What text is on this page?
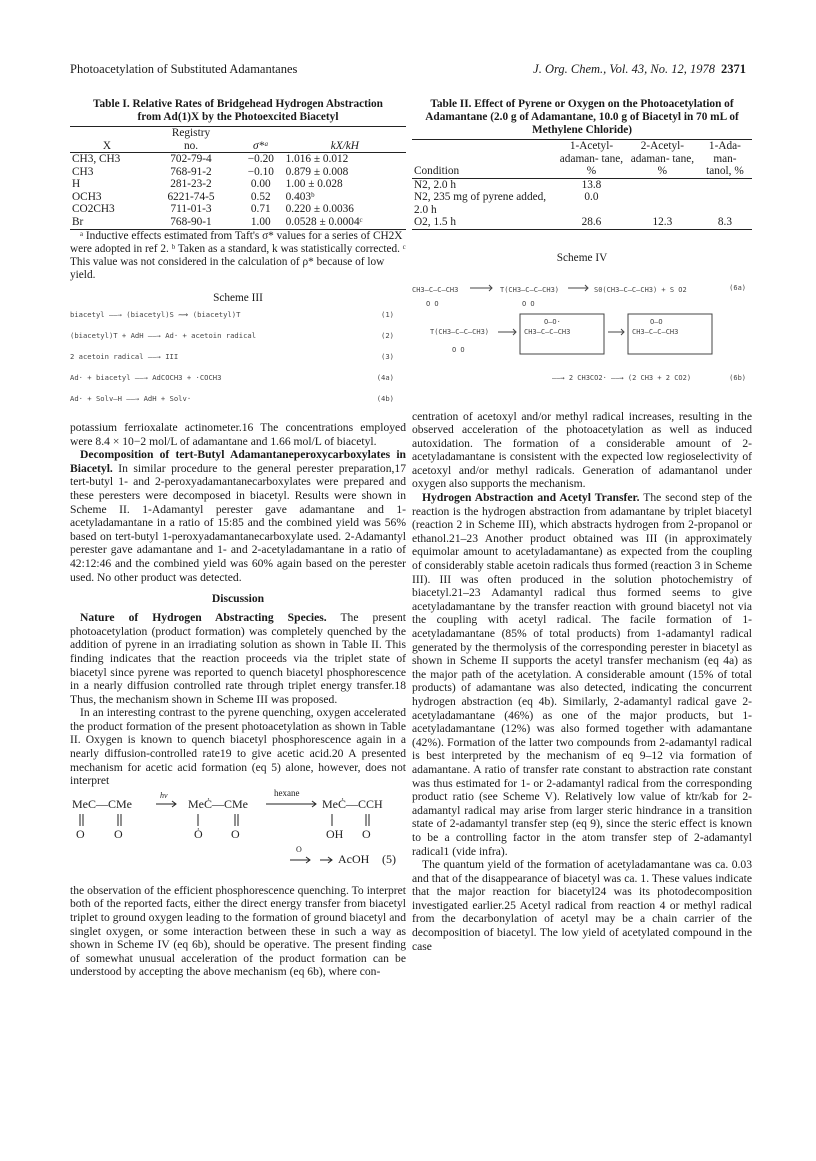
Photoacetylation of Substituted Adamantanes	J. Org. Chem., Vol. 43, No. 12, 1978 2371
Table I. Relative Rates of Bridgehead Hydrogen Abstraction from Ad(1)X by the Photoexcited Biacetyl
	Registry		
X	no.	σ*ᵃ	kX/kH
CH3, CH3	702-79-4	−0.20	1.016 ± 0.012
CH3	768-91-2	−0.10	0.879 ± 0.008
H	281-23-2	0.00	1.00 ± 0.028
OCH3	6221-74-5	0.52	0.403ᵇ
CO2CH3	711-01-3	0.71	0.220 ± 0.0036
Br	768-90-1	1.00	0.0528 ± 0.0004ᶜ
ᵃ Inductive effects estimated from Taft's σ* values for a series of CH2X were adopted in ref 2. ᵇ Taken as a standard, k was statistically corrected. ᶜ This value was not considered in the calculation of ρ* because of low yield.
Scheme III
biacetyl ——→ (biacetyl)S ⟿ (biacetyl)T	(1)
(biacetyl)T + AdH ——→ Ad· + acetoin radical	(2)
2 acetoin radical ——→ III	(3)
Ad· + biacetyl ——→ AdCOCH3 + ·COCH3	(4a)
Ad· + Solv–H ——→ AdH + Solv·	(4b)

potassium ferrioxalate actinometer.16 The concentrations employed were 8.4 × 10−2 mol/L of adamantane and 1.66 mol/L of biacetyl.

Decomposition of tert-Butyl Adamantaneperoxycarboxylates in Biacetyl. In similar procedure to the general perester preparation,17 tert-butyl 1- and 2-peroxyadamantanecarboxylates were prepared and these peresters were decomposed in biacetyl. Results were shown in Scheme II. 1-Adamantyl perester gave adamantane and 1-acetyladamantane in a ratio of 15:85 and the combined yield was 56% based on tert-butyl 1-peroxyadamantanecarboxylate used. 2-Adamantyl perester gave adamantane and 1- and 2-acetyladamantane in a ratio of 42:12:46 and the combined yield was 60% again based on the perester used. No other product was detected.

Discussion

Nature of Hydrogen Abstracting Species. The present photoacetylation (product formation) was completely quenched by the addition of pyrene in an irradiating solution as shown in Table II. This finding indicates that the reaction proceeds via the triplet state of biacetyl since pyrene was reported to quench biacetyl phosphorescence in a nearly diffusion controlled rate through triplet energy transfer.18 Thus, the mechanism shown in Scheme III was proposed.

In an interesting contrast to the pyrene quenching, oxygen accelerated the product formation of the present photoacetylation as shown in Table II. Oxygen is known to quench biacetyl phosphorescence again in a nearly diffusion-controlled rate19 to give acetic acid.20 A presented mechanism for acetic acid formation (eq 5) alone, however, does not interpret

MeC—CMe
O O
hν
MeĊ—CMe
Ȯ O
MeĊ—CCH
OH O
O
hexane
AcOH (5)

the observation of the efficient phosphorescence quenching. To interpret both of the reported facts, either the direct energy transfer from biacetyl triplet to ground oxygen leading to the formation of ground biacetyl and singlet oxygen, or some interaction between these in such a way as shown in Scheme IV (eq 6b), should be operative. The present finding of somewhat unusual acceleration of the product formation can be understood by accepting the above mechanism (eq 6b), where con-

Table II. Effect of Pyrene or Oxygen on the Photoacetylation of Adamantane (2.0 g of Adamantane, 10.0 g of Biacetyl in 70 mL of Methylene Chloride)
Condition	1-Acetyl- adaman- tane, %	2-Acetyl- adaman- tane, %	1-Ada- man- tanol, %
N2, 2.0 h	13.8		
N2, 235 mg of pyrene added, 2.0 h	0.0		
O2, 1.5 h	28.6	12.3	8.3
Scheme IV
CH3–C–C–CH3
O O
T(CH3–C–C–CH3)
O O
S0(CH3–C–C–CH3) + S O2
T(CH3–C–C–CH3)
O O
CH3–C–C–CH3
O—O·
CH3–C–C–CH3
O—O
(6a)
——→ 2 CH3CO2· ——→ (2 CH3 + 2 CO2)	(6b)

centration of acetoxyl and/or methyl radical increases, resulting in the observed acceleration of the photoacetylation as well as induced autoxidation. The formation of a considerable amount of 2-acetyladamantane is consistent with the expected low regioselectivity of acetoxyl and/or methyl radicals. Generation of adamantanol under oxygen also supports the mechanism.

Hydrogen Abstraction and Acetyl Transfer. The second step of the reaction is the hydrogen abstraction from adamantane by triplet biacetyl (reaction 2 in Scheme III), which abstracts hydrogen from 2-propanol or ethanol.21–23 Another product obtained was III (in approximately equimolar amount to acetyladamantane) as expected from the coupling of considerably stable acetoin radicals thus formed (reaction 3 in Scheme III). III was often produced in the solution photochemistry of biacetyl.21–23 Adamantyl radical thus formed seems to give acetyladamantane by the transfer reaction with ground biacetyl not via the coupling with acetyl radical. The facile formation of 1-acetyladamantane (85% of total products) from 1-adamantyl radical generated by the thermolysis of the corresponding perester in biacetyl as shown in Scheme II supports the acetyl transfer mechanism (eq 4a) as the major path of the acetylation. A considerable amount (15% of total products) of adamantane was also detected, indicating the concurrent hydrogen abstraction (eq 4b). Similarly, 2-adamantyl radical gave 2-acetyladamantane (46%) as one of the major products, but 1-acetyladamantane (12%) was also formed together with adamantane (42%). Formation of the latter two compounds from 2-adamantyl radical is best interpreted by the mechanism of eq 9–12 via formation of adamantane. A ratio of transfer rate constant to abstraction rate constant was thus estimated for 1- or 2-adamantyl radical from the corresponding product ratio (see Scheme V). Relatively low value of ktr/kab for 2-adamantyl radical may arise from larger steric hindrance in a transition state of 2-adamantyl transfer step (eq 9), since the steric effect is known to be a controlling factor in the atom transfer step of 2-adamantyl radical1 (vide infra).

The quantum yield of the formation of acetyladamantane was ca. 0.03 and that of the disappearance of biacetyl was ca. 1. These values indicate that the major reaction for biacetyl24 was its photodecomposition investigated earlier.25 Acetyl radical from reaction 4 or methyl radical from the decarbonylation of acetyl may be a chain carrier of the decomposition of biacetyl. The low yield of acetylated compound in the case
